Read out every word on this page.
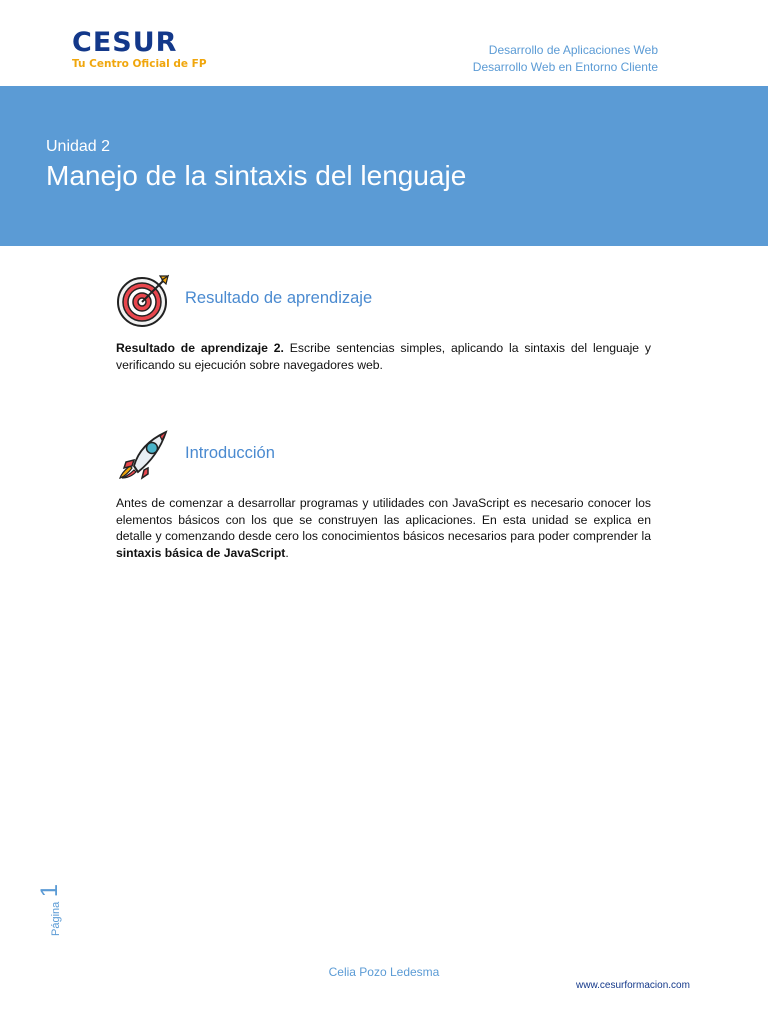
CESUR
Tu Centro Oficial de FP
Desarrollo de Aplicaciones Web
Desarrollo Web en Entorno Cliente
Unidad 2
Manejo de la sintaxis del lenguaje
Resultado de aprendizaje
Resultado de aprendizaje 2. Escribe sentencias simples, aplicando la sintaxis del lenguaje y verificando su ejecución sobre navegadores web.
Introducción
Antes de comenzar a desarrollar programas y utilidades con JavaScript es necesario conocer los elementos básicos con los que se construyen las aplicaciones. En esta unidad se explica en detalle y comenzando desde cero los conocimientos básicos necesarios para poder comprender la sintaxis básica de JavaScript.
Página 1
Celia Pozo Ledesma
www.cesurformacion.com
